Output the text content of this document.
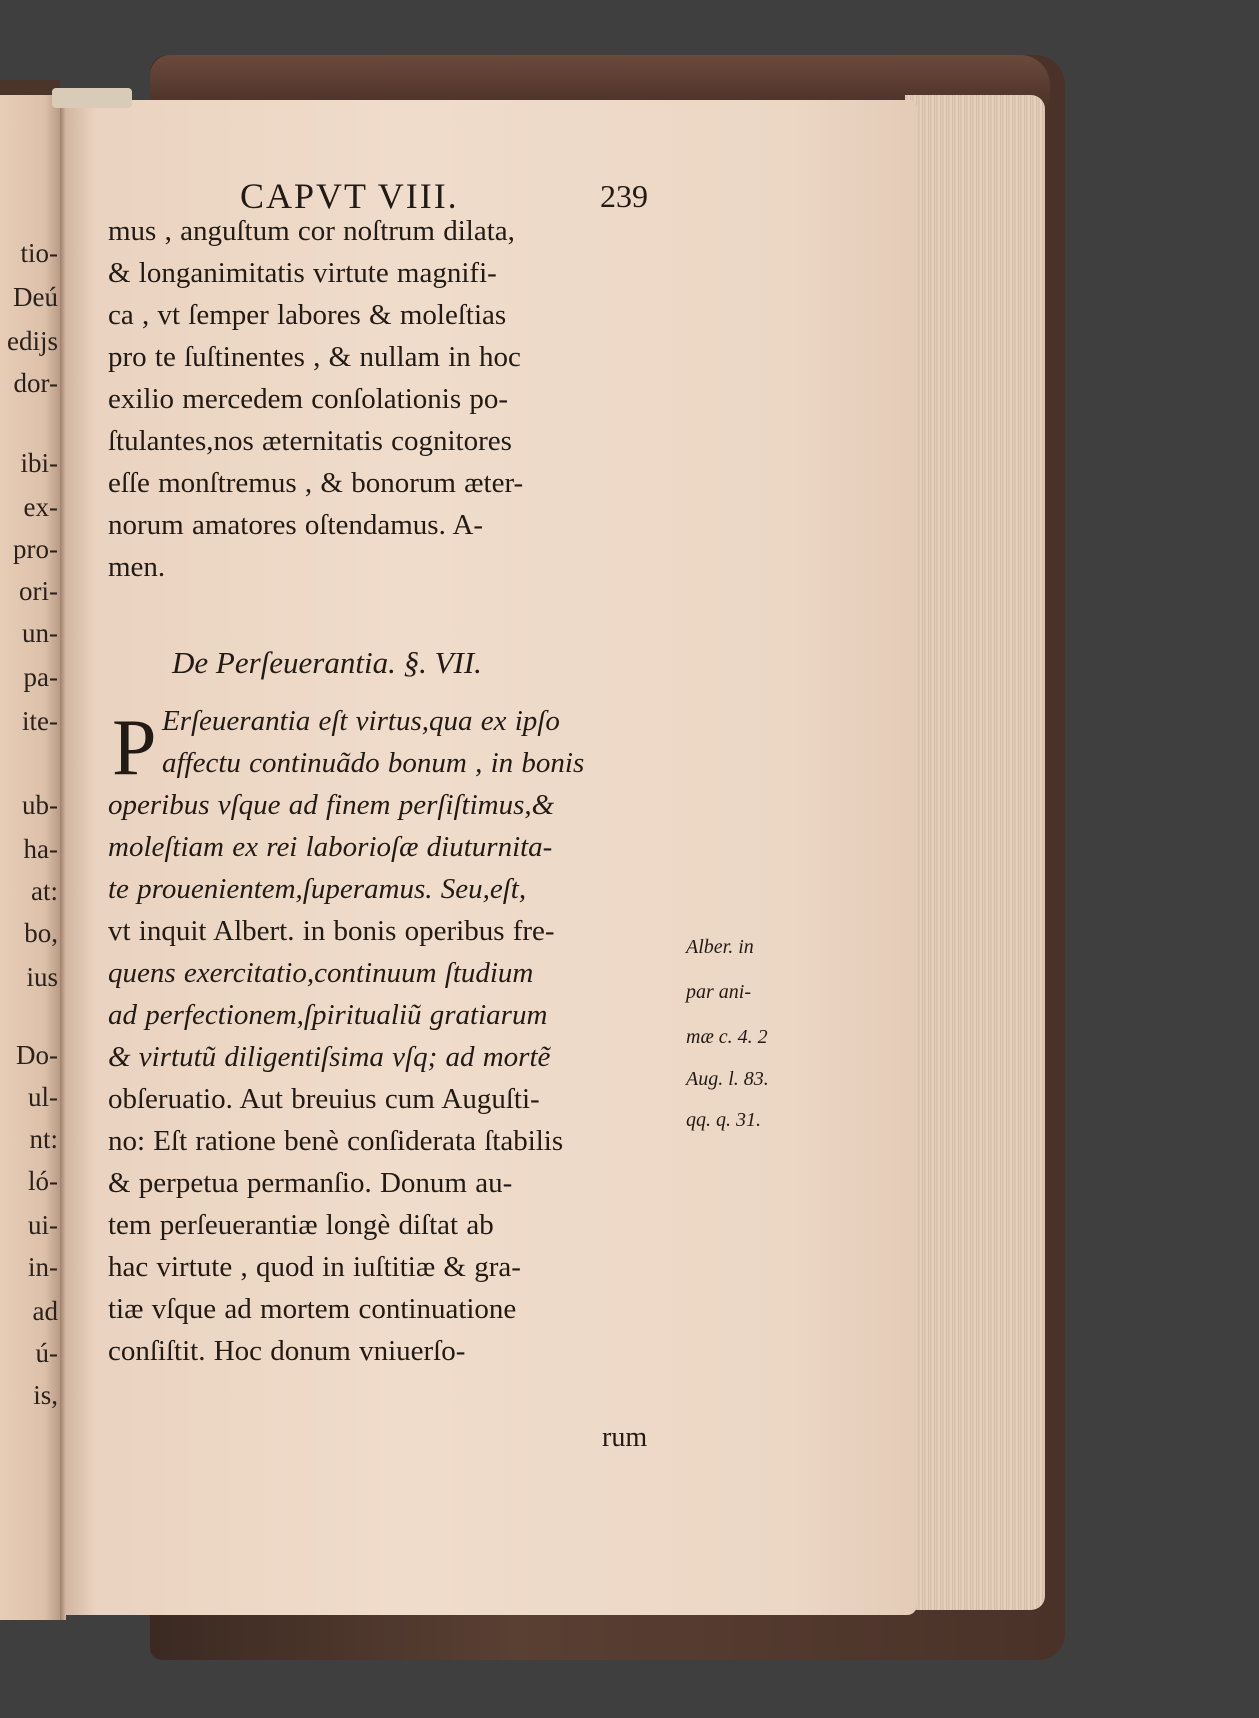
tio-
Deú
edijs
dor-
ibi-
ex-
pro-
ori-
un-
pa-
ite-
ub-
ha-
at:
bo,
ius
Do-
ul-
nt:
ló-
ui-
in-
ad
ú-
is,
CAPVT VIII.	239
mus , anguſtum cor noſtrum dilata,
& longanimitatis virtute magnifi-
ca , vt ſemper labores & moleſtias
pro te ſuſtinentes , & nullam in hoc
exilio mercedem conſolationis po-
ſtulantes,nos æternitatis cognitores
eſſe monſtremus , & bonorum æter-
norum amatores oſtendamus. A-
men.
De Perſeuerantia. §. VII.
P Erſeuerantia eſt virtus,qua ex ipſo
affectu continuãdo bonum , in bonis
operibus vſque ad finem perſiſtimus,&
moleſtiam ex rei laborioſæ diuturnita-
te prouenientem,ſuperamus. Seu,eſt,
vt inquit Albert. in bonis operibus fre-
quens exercitatio,continuum ſtudium
ad perfectionem,ſpiritualiũ gratiarum
& virtutũ diligentiſsima vſq; ad mortẽ
obſeruatio. Aut breuius cum Auguſti-
no: Eſt ratione benè conſiderata ſtabilis
& perpetua permanſio. Donum au-
tem perſeuerantiæ longè diſtat ab
hac virtute , quod in iuſtitiæ & gra-
tiæ vſque ad mortem continuatione
conſiſtit. Hoc donum vniuerſo-
rum
Alber. in
par ani-
mæ c. 4. 2
Aug. l. 83.
qq. q. 31.
